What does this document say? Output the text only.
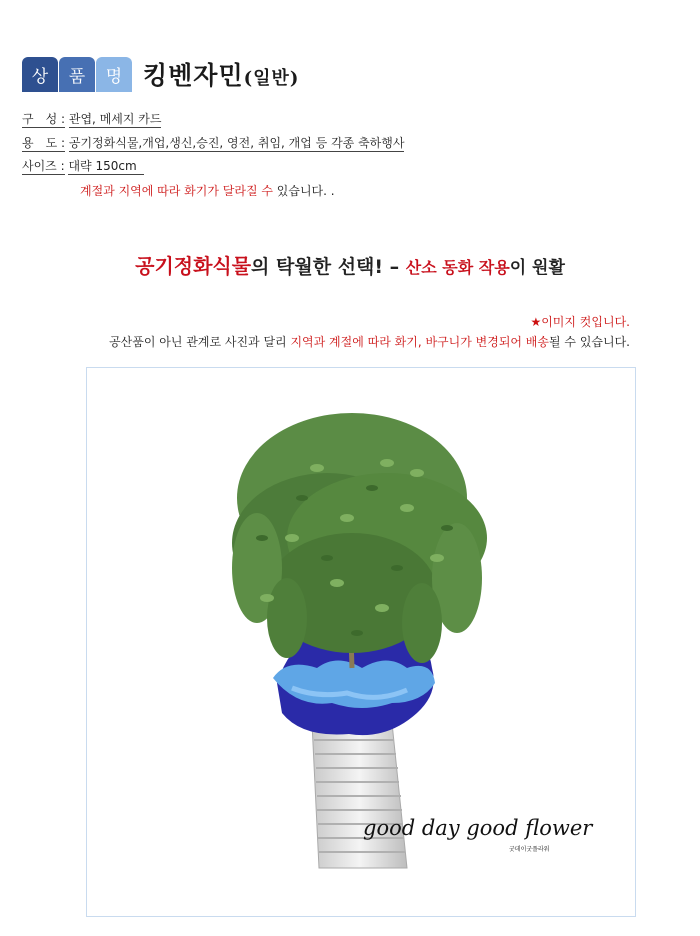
상	품	명 킹벤자민(일반)
구　성 : 관엽, 메세지 카드
용　도 : 공기정화식물,개업,생신,승진, 영전, 취임, 개업 등 각종 축하행사
사이즈 : 대략 150cm
계절과 지역에 따라 화기가 달라질 수 있습니다. .
공기정화식물의 탁월한 선택! – 산소 동화 작용이 원활
★이미지 컷입니다.
공산품이 아닌 관계로 사진과 달리 지역과 계절에 따라 화기, 바구니가 변경되어 배송될 수 있습니다.
good day good flower
굿데이굿플라워
